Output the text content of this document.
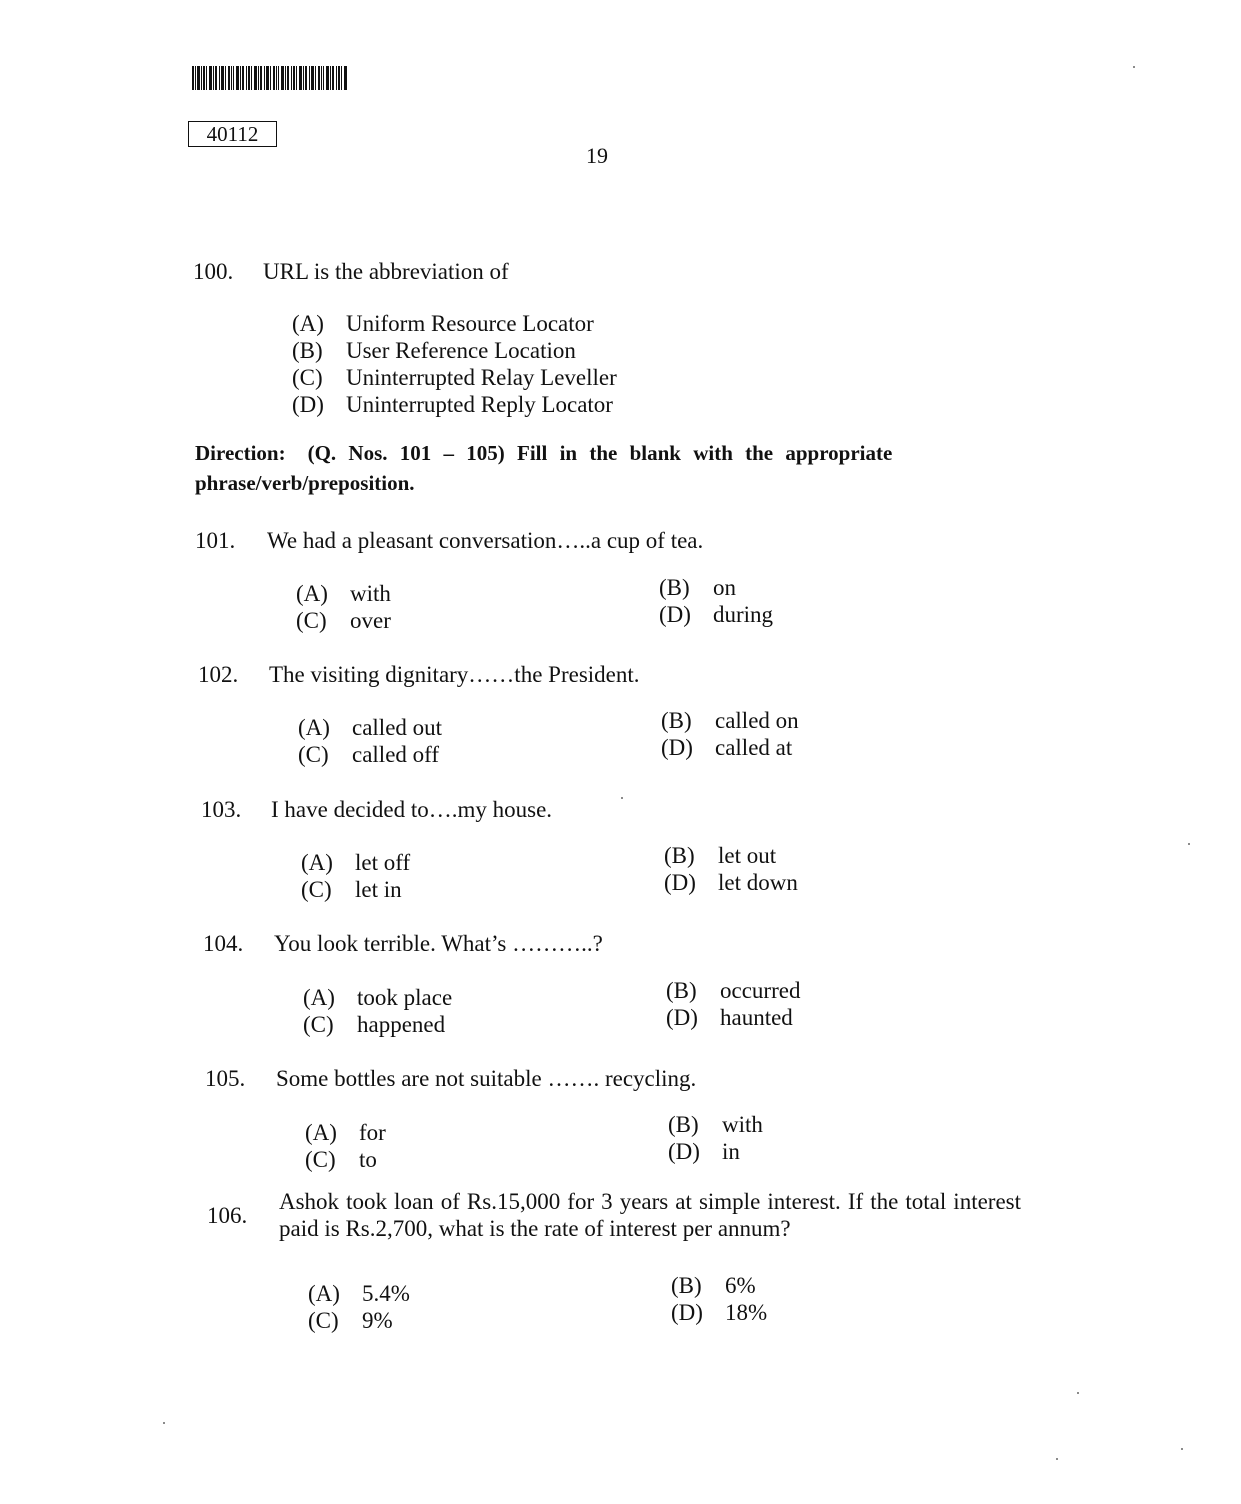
40112
19
100. URL is the abbreviation of
(A) Uniform Resource Locator
(B) User Reference Location
(C) Uninterrupted Relay Leveller
(D) Uninterrupted Reply Locator
Direction: (Q. Nos. 101 – 105) Fill in the blank with the appropriate phrase/verb/preposition.
101. We had a pleasant conversation…..a cup of tea.
(A) with	(B) on
(C) over	(D) during
102. The visiting dignitary……the President.
(A) called out	(B) called on
(C) called off	(D) called at
103. I have decided to….my house.
(A) let off	(B) let out
(C) let in	(D) let down
104. You look terrible. What’s ………..?
(A) took place	(B) occurred
(C) happened	(D) haunted
105. Some bottles are not suitable ……. recycling.
(A) for	(B) with
(C) to	(D) in
106.
Ashok took loan of Rs.15,000 for 3 years at simple interest. If the total interest paid is Rs.2,700, what is the rate of interest per annum?
(A) 5.4%	(B) 6%
(C) 9%	(D) 18%
